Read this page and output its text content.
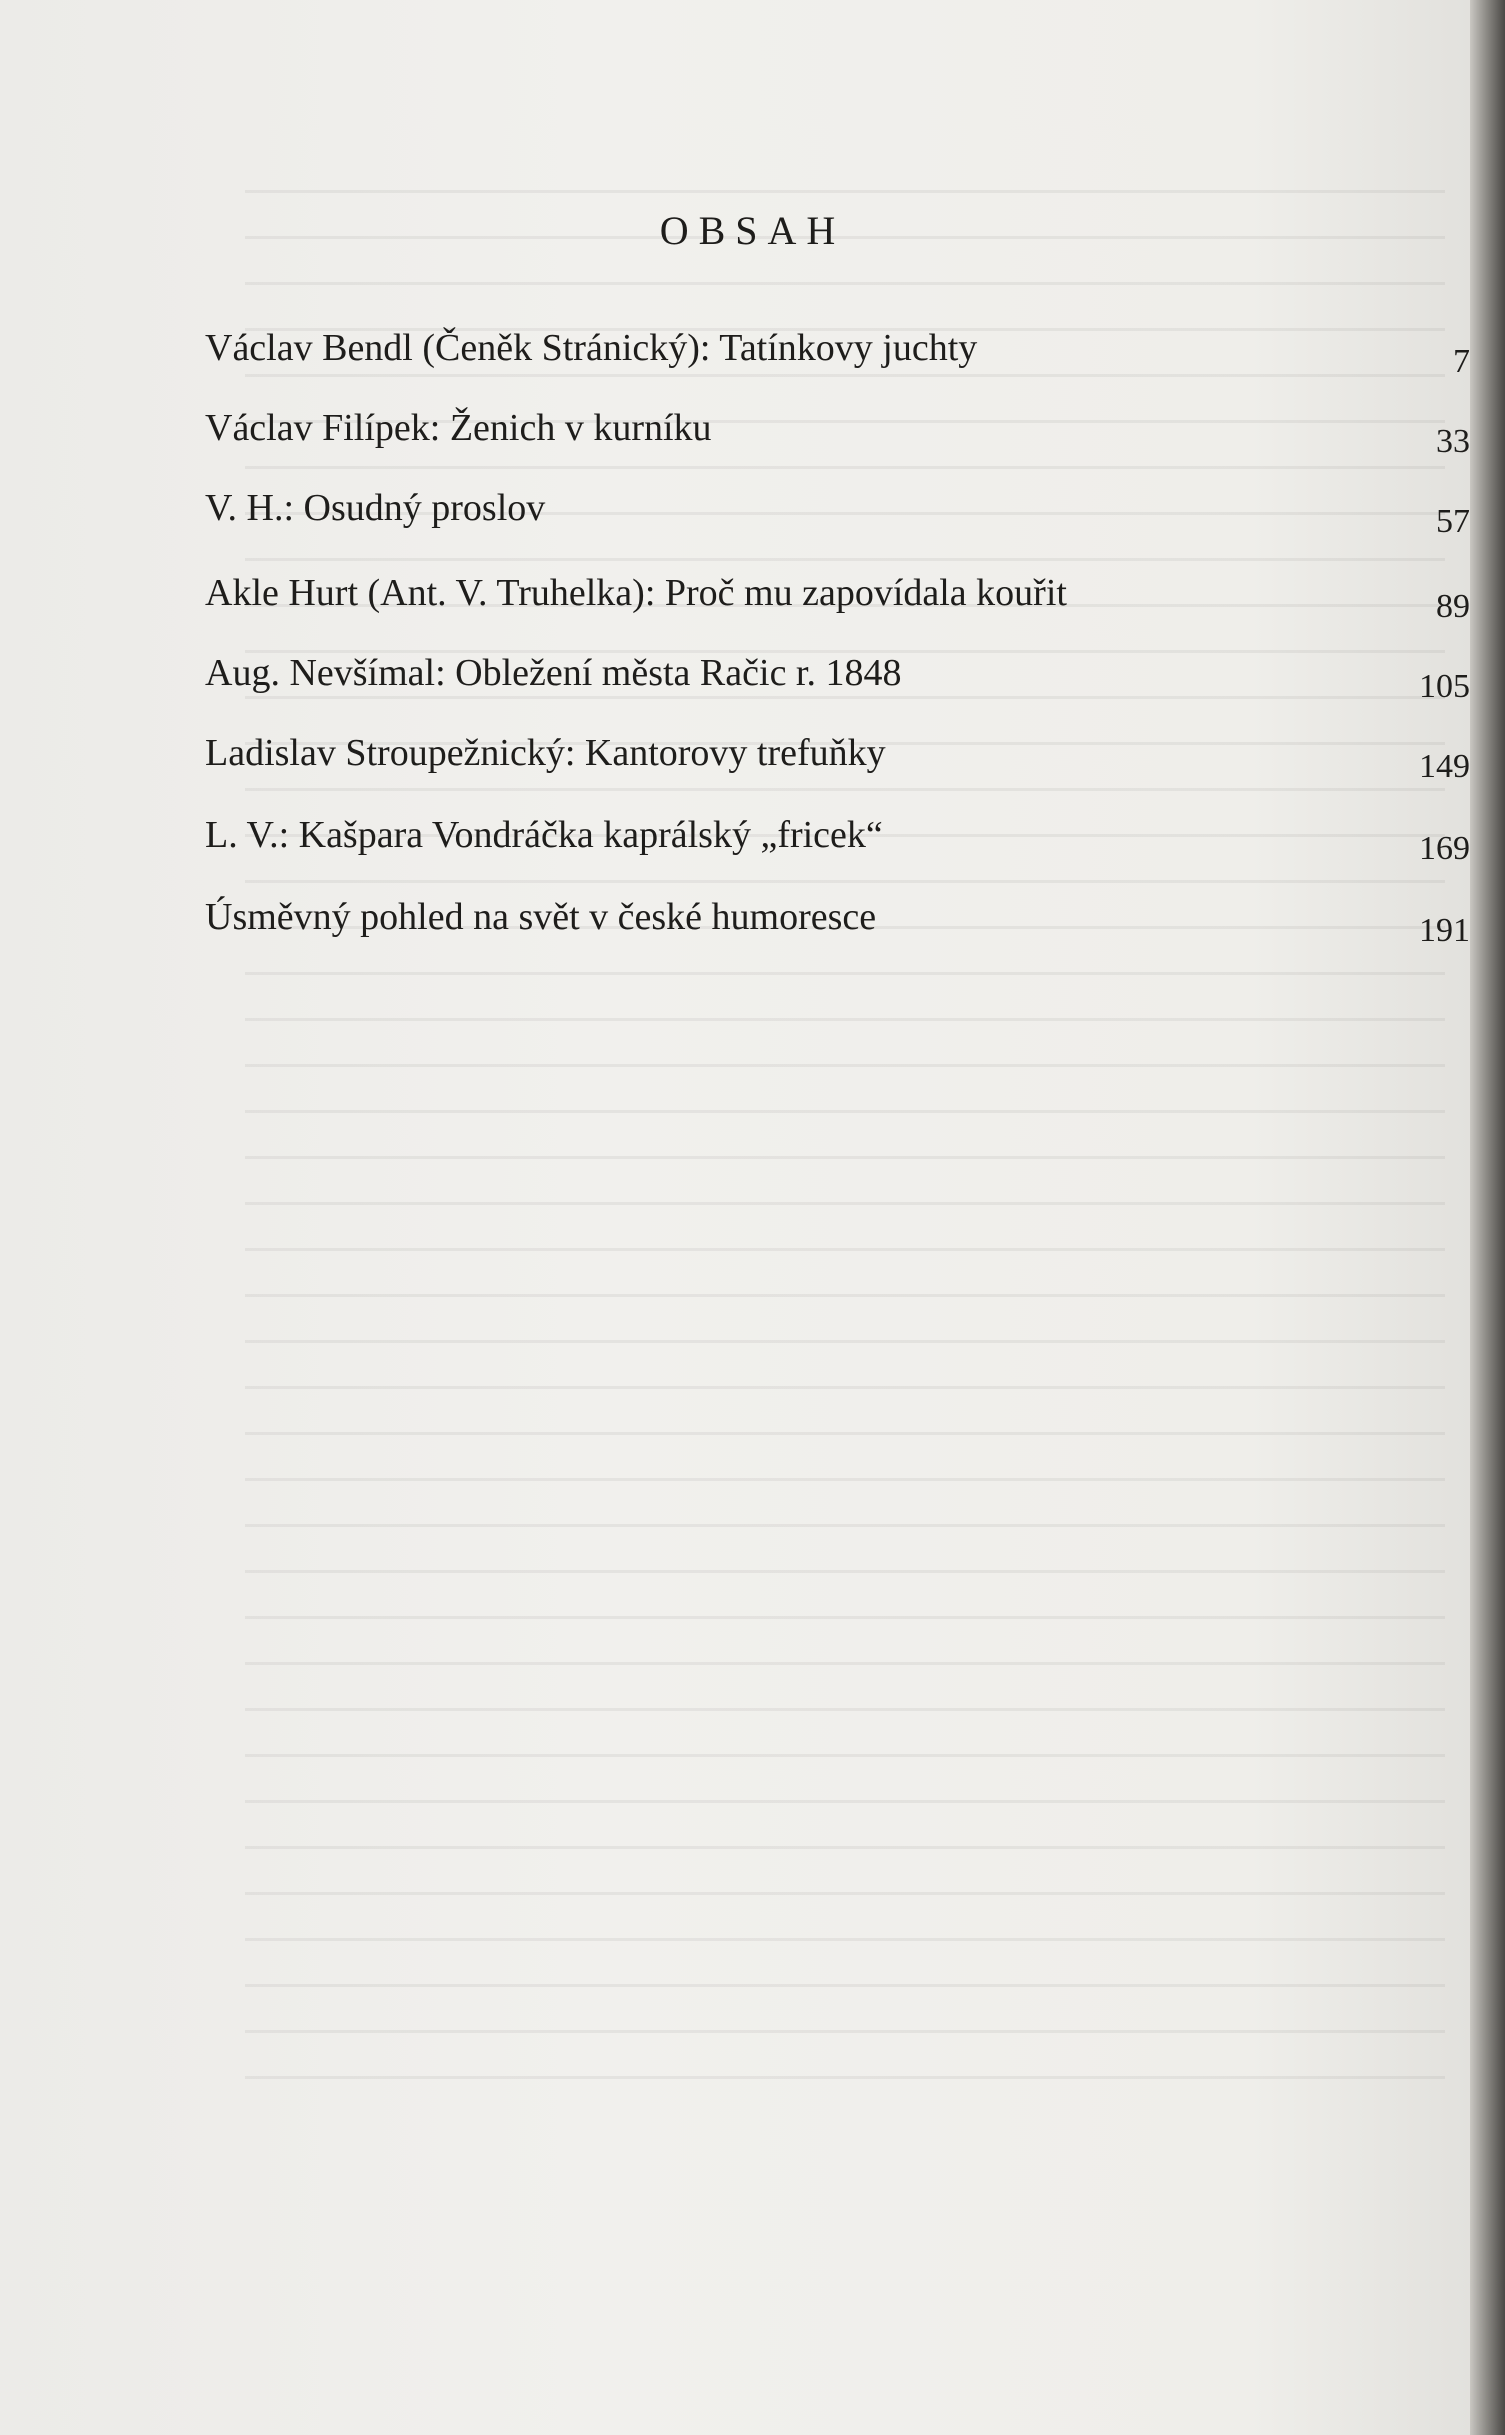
OBSAH
Václav Bendl (Čeněk Stránický): Tatínkovy juchty	7
Václav Filípek: Ženich v kurníku	33
V. H.: Osudný proslov	57
Akle Hurt (Ant. V. Truhelka): Proč mu zapovídala kouřit	89
Aug. Nevšímal: Obležení města Račic r. 1848	105
Ladislav Stroupežnický: Kantorovy trefuňky	149
L. V.: Kašpara Vondráčka kaprálský „fricek“	169
Úsměvný pohled na svět v české humoresce	191
